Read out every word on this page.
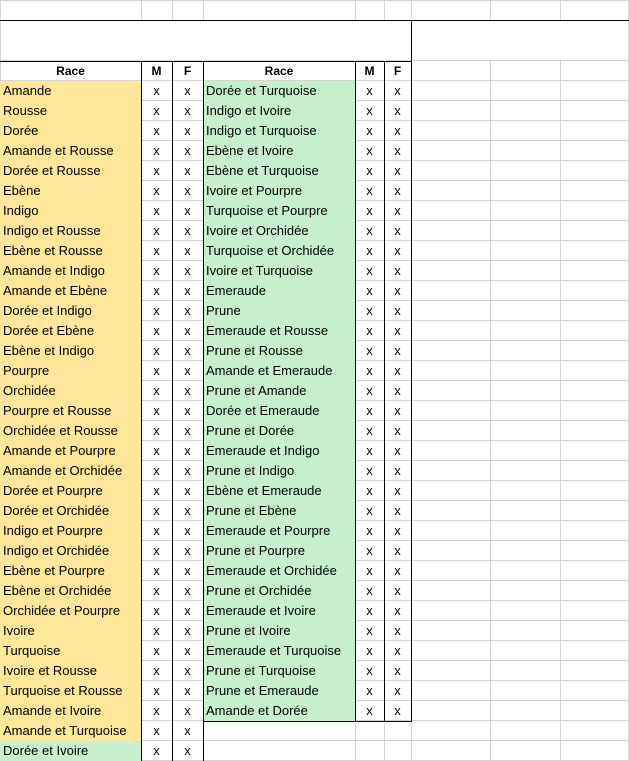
Race	M	F	Race	M	F
Amande	x	x
Rousse	x	x
Dorée	x	x
Amande et Rousse	x	x
Dorée et Rousse	x	x
Ebène	x	x
Indigo	x	x
Indigo et Rousse	x	x
Ebène et Rousse	x	x
Amande et Indigo	x	x
Amande et Ebène	x	x
Dorée et Indigo	x	x
Dorée et Ebène	x	x
Ebène et Indigo	x	x
Pourpre	x	x
Orchidée	x	x
Pourpre et Rousse	x	x
Orchidée et Rousse	x	x
Amande et Pourpre	x	x
Amande et Orchidée	x	x
Dorée et Pourpre	x	x
Dorée et Orchidée	x	x
Indigo et Pourpre	x	x
Indigo et Orchidée	x	x
Ebène et Pourpre	x	x
Ebène et Orchidée	x	x
Orchidée et Pourpre	x	x
Ivoire	x	x
Turquoise	x	x
Ivoire et Rousse	x	x
Turquoise et Rousse	x	x
Amande et Ivoire	x	x
Amande et Turquoise	x	x
Dorée et Ivoire	x	x
Dorée et Turquoise	x	x
Indigo et Ivoire	x	x
Indigo et Turquoise	x	x
Ebène et Ivoire	x	x
Ebène et Turquoise	x	x
Ivoire et Pourpre	x	x
Turquoise et Pourpre	x	x
Ivoire et Orchidée	x	x
Turquoise et Orchidée	x	x
Ivoire et Turquoise	x	x
Emeraude	x	x
Prune	x	x
Emeraude et Rousse	x	x
Prune et Rousse	x	x
Amande et Emeraude	x	x
Prune et Amande	x	x
Dorée et Emeraude	x	x
Prune et Dorée	x	x
Emeraude et Indigo	x	x
Prune et Indigo	x	x
Ebène et Emeraude	x	x
Prune et Ebène	x	x
Emeraude et Pourpre	x	x
Prune et Pourpre	x	x
Emeraude et Orchidée	x	x
Prune et Orchidée	x	x
Emeraude et Ivoire	x	x
Prune et Ivoire	x	x
Emeraude et Turquoise	x	x
Prune et Turquoise	x	x
Prune et Emeraude	x	x
Amande et Dorée	x	x
